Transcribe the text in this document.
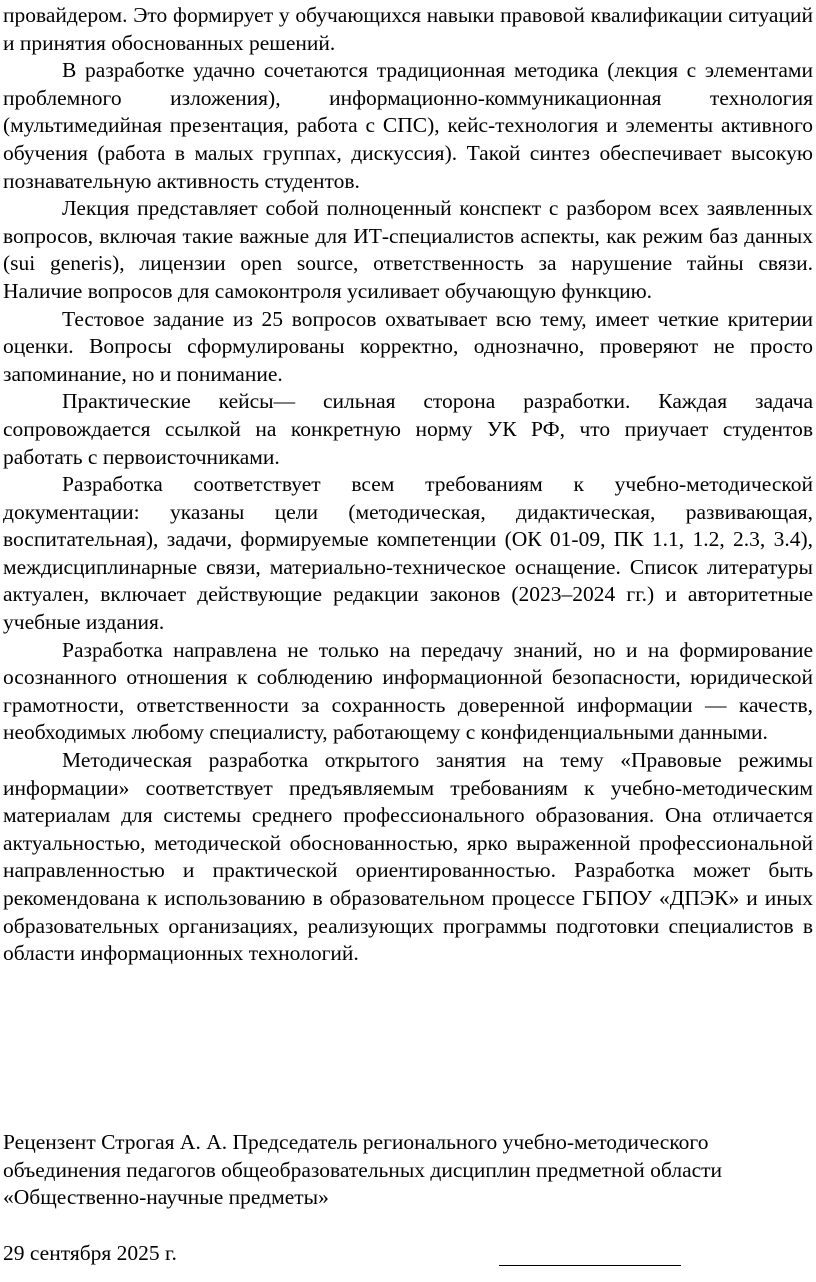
провайдером. Это формирует у обучающихся навыки правовой квалификации ситуаций и принятия обоснованных решений.

В разработке удачно сочетаются традиционная методика (лекция с элементами проблемного изложения), информационно-коммуникационная технология (мультимедийная презентация, работа с СПС), кейс-технология и элементы активного обучения (работа в малых группах, дискуссия). Такой синтез обеспечивает высокую познавательную активность студентов.

Лекция представляет собой полноценный конспект с разбором всех заявленных вопросов, включая такие важные для ИТ-специалистов аспекты, как режим баз данных (sui generis), лицензии open source, ответственность за нарушение тайны связи. Наличие вопросов для самоконтроля усиливает обучающую функцию.

Тестовое задание из 25 вопросов охватывает всю тему, имеет четкие критерии оценки. Вопросы сформулированы корректно, однозначно, проверяют не просто запоминание, но и понимание.

Практические кейсы— сильная сторона разработки. Каждая задача сопровождается ссылкой на конкретную норму УК РФ, что приучает студентов работать с первоисточниками.

Разработка соответствует всем требованиям к учебно-методической документации: указаны цели (методическая, дидактическая, развивающая, воспитательная), задачи, формируемые компетенции (ОК 01-09, ПК 1.1, 1.2, 2.3, 3.4), междисциплинарные связи, материально-техническое оснащение. Список литературы актуален, включает действующие редакции законов (2023–2024 гг.) и авторитетные учебные издания.

Разработка направлена не только на передачу знаний, но и на формирование осознанного отношения к соблюдению информационной безопасности, юридической грамотности, ответственности за сохранность доверенной информации — качеств, необходимых любому специалисту, работающему с конфиденциальными данными.

Методическая разработка открытого занятия на тему «Правовые режимы информации» соответствует предъявляемым требованиям к учебно-методическим материалам для системы среднего профессионального образования. Она отличается актуальностью, методической обоснованностью, ярко выраженной профессиональной направленностью и практической ориентированностью. Разработка может быть рекомендована к использованию в образовательном процессе ГБПОУ «ДПЭК» и иных образовательных организациях, реализующих программы подготовки специалистов в области информационных технологий.

Рецензент Строгая А. А. Председатель регионального учебно-методического объединения педагогов общеобразовательных дисциплин предметной области «Общественно-научные предметы»

29 сентября 2025 г.
